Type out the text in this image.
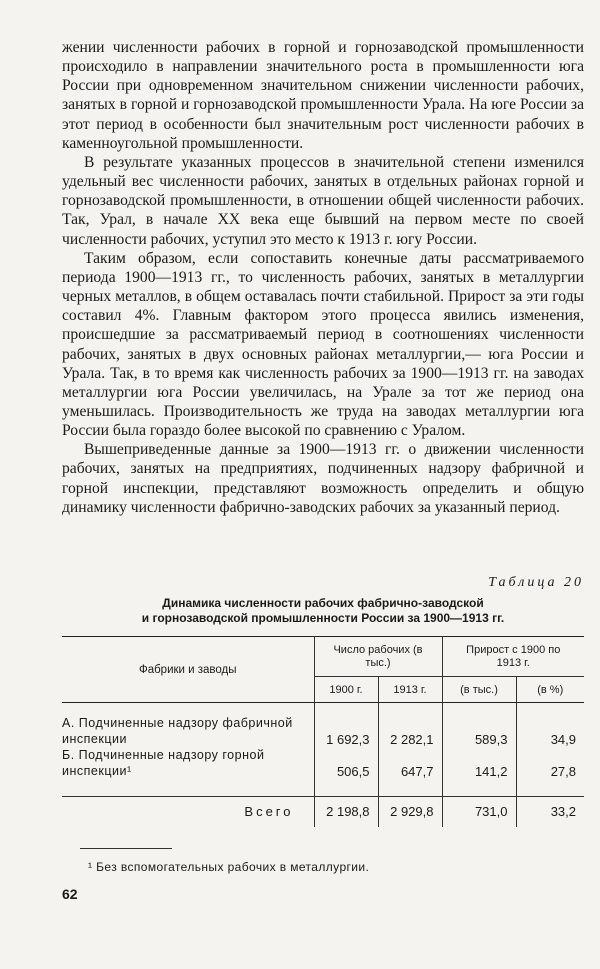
жении численности рабочих в горной и горнозаводской промышленности происходило в направлении значительного роста в промышленности юга России при одновременном значительном снижении численности рабочих, занятых в горной и горнозаводской промышленности Урала. На юге России за этот период в особенности был значительным рост численности рабочих в каменноугольной промышленности.

В результате указанных процессов в значительной степени изменился удельный вес численности рабочих, занятых в отдельных районах горной и горнозаводской промышленности, в отношении общей численности рабочих. Так, Урал, в начале XX века еще бывший на первом месте по своей численности рабочих, уступил это место к 1913 г. югу России.

Таким образом, если сопоставить конечные даты рассматриваемого периода 1900—1913 гг., то численность рабочих, занятых в металлургии черных металлов, в общем оставалась почти стабильной. Прирост за эти годы составил 4%. Главным фактором этого процесса явились изменения, происшедшие за рассматриваемый период в соотношениях численности рабочих, занятых в двух основных районах металлургии,— юга России и Урала. Так, в то время как численность рабочих за 1900—1913 гг. на заводах металлургии юга России увеличилась, на Урале за тот же период она уменьшилась. Производительность же труда на заводах металлургии юга России была гораздо более высокой по сравнению с Уралом.

Вышеприведенные данные за 1900—1913 гг. о движении численности рабочих, занятых на предприятиях, подчиненных надзору фабричной и горной инспекции, представляют возможность определить и общую динамику численности фабрично-заводских рабочих за указанный период.

Таблица 20
Динамика численности рабочих фабрично-заводской
и горнозаводской промышленности России за 1900—1913 гг.
Фабрики и заводы	Число рабочих (в тыс.)		Прирост с 1900 по 1913 г.	
	1900 г.	1913 г.	(в тыс.)	(в %)

А. Подчиненные надзору фабричной инспекции	1 692,3	2 282,1	589,3	34,9
Б. Подчиненные надзору горной инспекции¹	506,5	647,7	141,2	27,8

Всего	2 198,8	2 929,8	731,0	33,2
¹ Без вспомогательных рабочих в металлургии.
62
